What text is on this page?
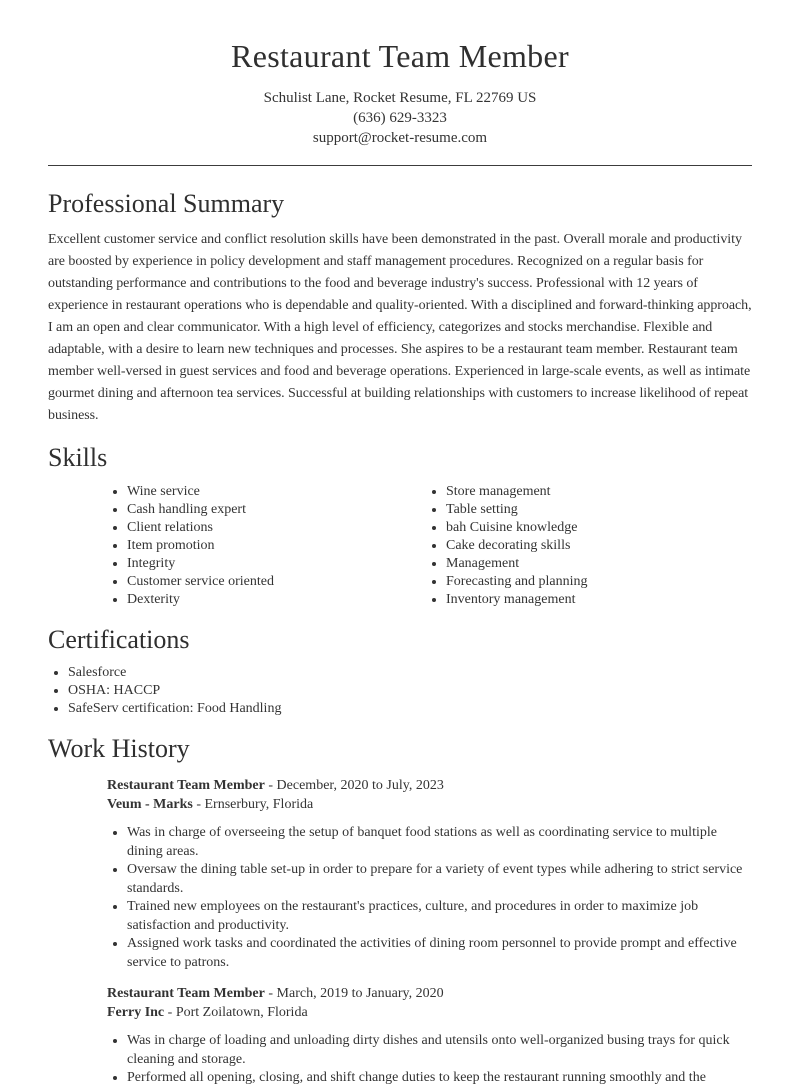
Restaurant Team Member
Schulist Lane, Rocket Resume, FL 22769 US
(636) 629-3323
support@rocket-resume.com
Professional Summary

Excellent customer service and conflict resolution skills have been demonstrated in the past. Overall morale and productivity are boosted by experience in policy development and staff management procedures. Recognized on a regular basis for outstanding performance and contributions to the food and beverage industry's success. Professional with 12 years of experience in restaurant operations who is dependable and quality-oriented. With a disciplined and forward-thinking approach, I am an open and clear communicator. With a high level of efficiency, categorizes and stocks merchandise. Flexible and adaptable, with a desire to learn new techniques and processes. She aspires to be a restaurant team member. Restaurant team member well-versed in guest services and food and beverage operations. Experienced in large-scale events, as well as intimate gourmet dining and afternoon tea services. Successful at building relationships with customers to increase likelihood of repeat business.

Skills
• Wine service
• Cash handling expert
• Client relations
• Item promotion
• Integrity
• Customer service oriented
• Dexterity
• Store management
• Table setting
• bah Cuisine knowledge
• Cake decorating skills
• Management
• Forecasting and planning
• Inventory management
Certifications
• Salesforce
• OSHA: HACCP
• SafeServ certification: Food Handling
Work History
Restaurant Team Member - December, 2020 to July, 2023
Veum - Marks - Ernserbury, Florida
• Was in charge of overseeing the setup of banquet food stations as well as coordinating service to multiple dining areas.
• Oversaw the dining table set-up in order to prepare for a variety of event types while adhering to strict service standards.
• Trained new employees on the restaurant's practices, culture, and procedures in order to maximize job satisfaction and productivity.
• Assigned work tasks and coordinated the activities of dining room personnel to provide prompt and effective service to patrons.
Restaurant Team Member - March, 2019 to January, 2020
Ferry Inc - Port Zoilatown, Florida
• Was in charge of loading and unloading dirty dishes and utensils onto well-organized busing trays for quick cleaning and storage.
• Performed all opening, closing, and shift change duties to keep the restaurant running smoothly and the
